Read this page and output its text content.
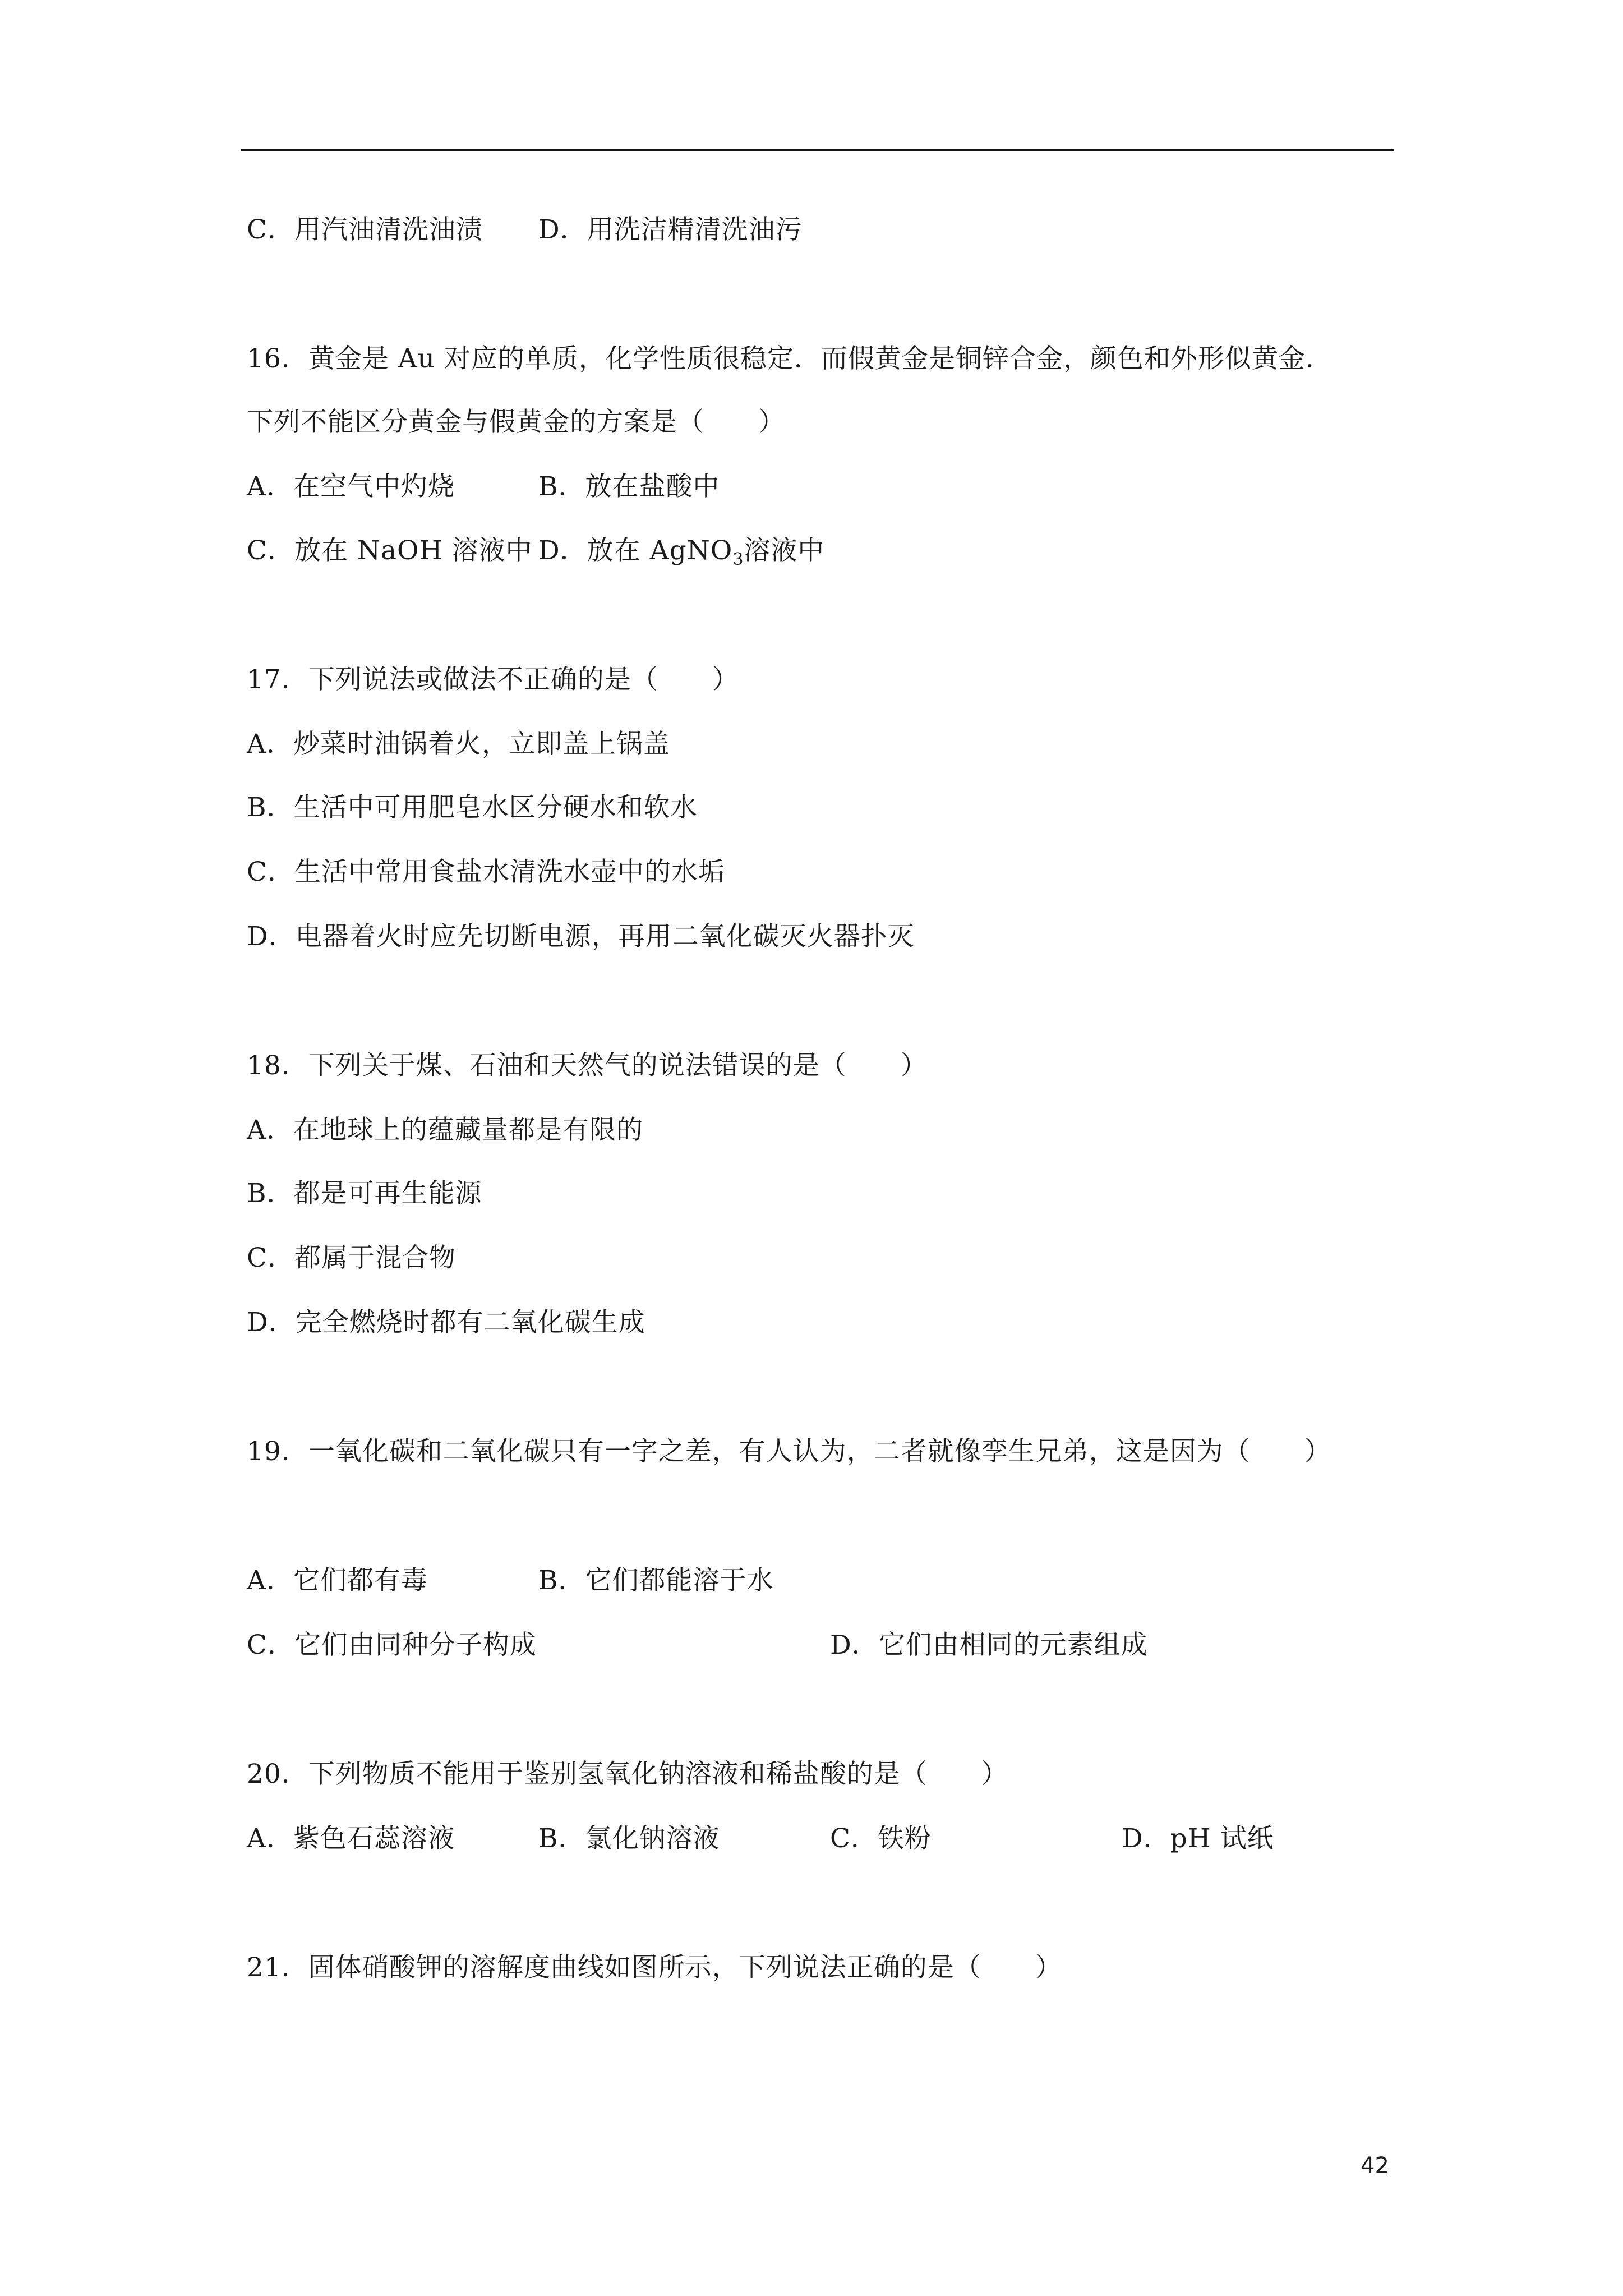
C．用汽油清洗油渍 D．用洗洁精清洗油污
16．黄金是 Au 对应的单质，化学性质很稳定．而假黄金是铜锌合金，颜色和外形似黄金．
下列不能区分黄金与假黄金的方案是（　　）
A．在空气中灼烧	B．放在盐酸中
C．放在 NaOH 溶液中 D．放在 AgNO$_3$溶液中
17．下列说法或做法不正确的是（　　）
A．炒菜时油锅着火，立即盖上锅盖
B．生活中可用肥皂水区分硬水和软水
C．生活中常用食盐水清洗水壶中的水垢
D．电器着火时应先切断电源，再用二氧化碳灭火器扑灭
18．下列关于煤、石油和天然气的说法错误的是（　　）
A．在地球上的蕴藏量都是有限的
B．都是可再生能源
C．都属于混合物
D．完全燃烧时都有二氧化碳生成
19．一氧化碳和二氧化碳只有一字之差，有人认为，二者就像孪生兄弟，这是因为（　　）
A．它们都有毒	B．它们都能溶于水
C．它们由同种分子构成	D．它们由相同的元素组成
20．下列物质不能用于鉴别氢氧化钠溶液和稀盐酸的是（　　）
A．紫色石蕊溶液	B．氯化钠溶液	C．铁粉	D．pH 试纸
21．固体硝酸钾的溶解度曲线如图所示，下列说法正确的是（　　）
42
